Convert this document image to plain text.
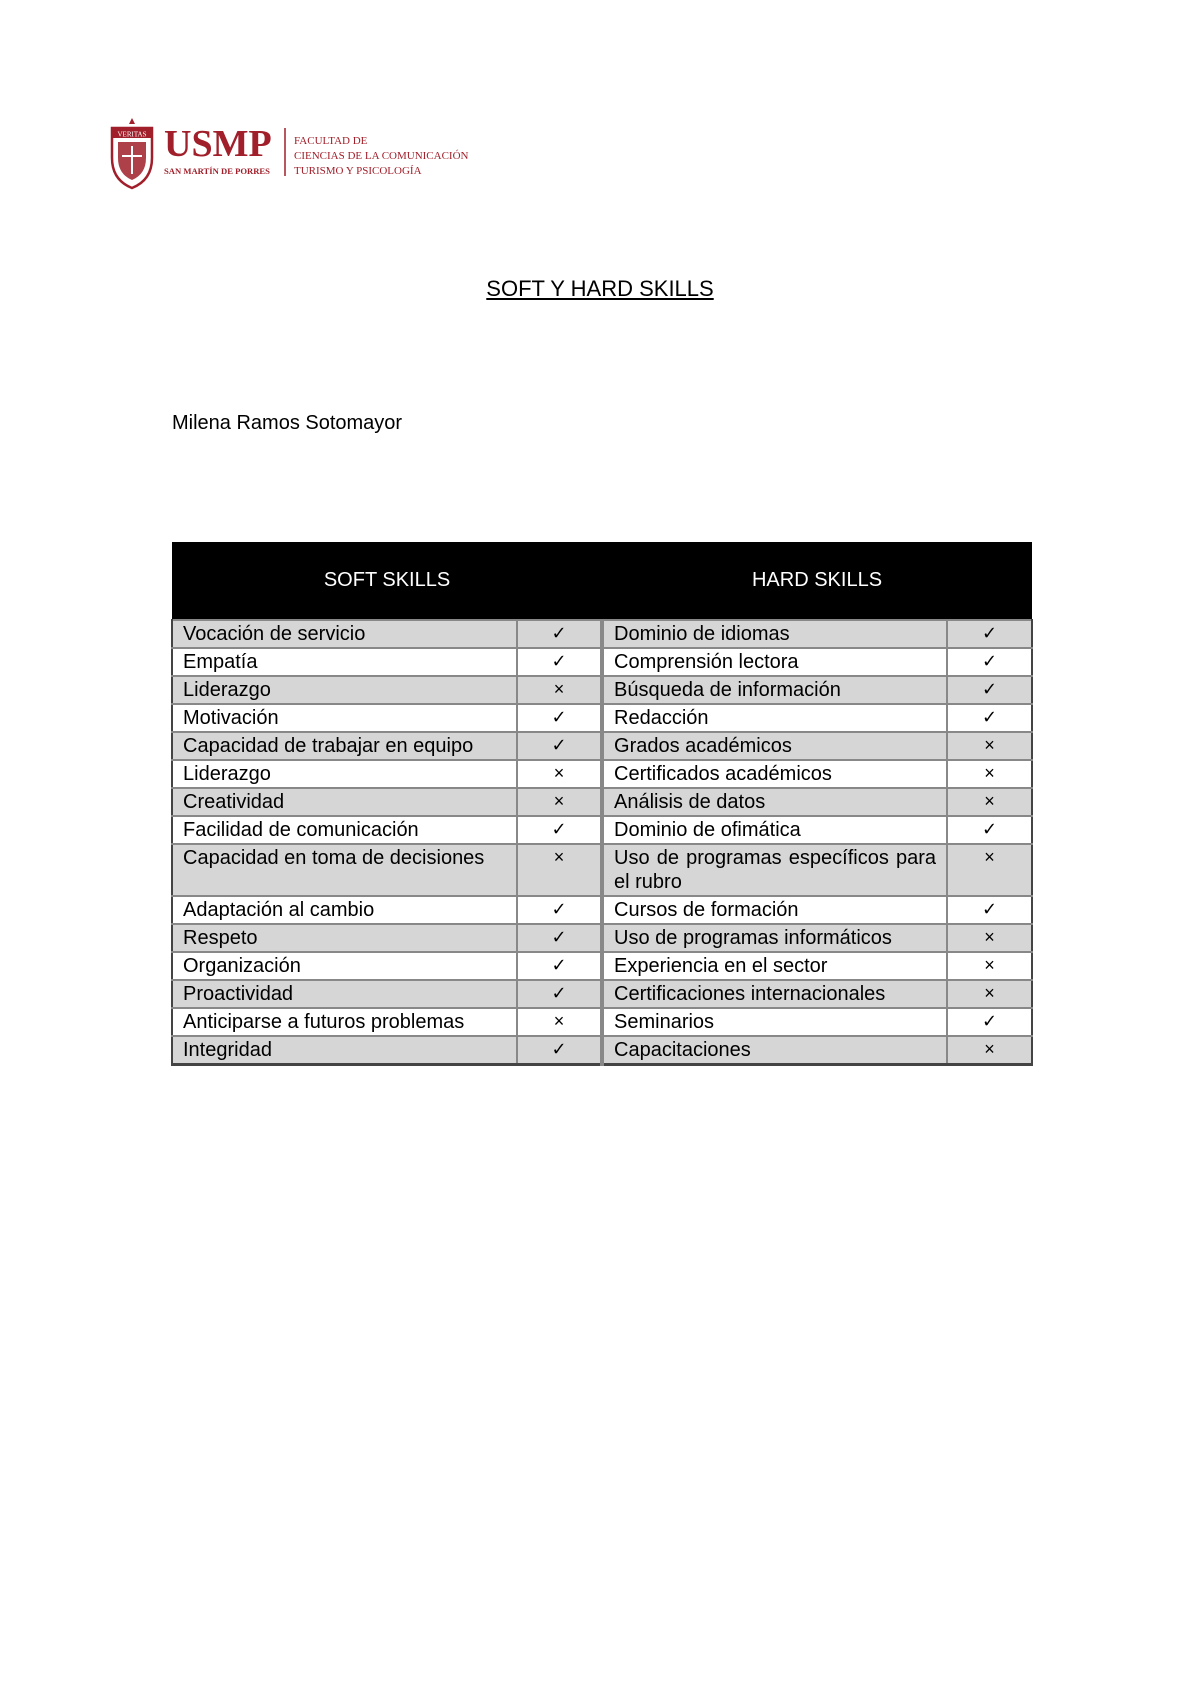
VERITAS USMP
SAN MARTÍN DE PORRES
FACULTAD DE
CIENCIAS DE LA COMUNICACIÓN
TURISMO Y PSICOLOGÍA
SOFT Y HARD SKILLS
Milena Ramos Sotomayor
SOFT SKILLS		HARD SKILLS	
Vocación de servicio	✓	Dominio de idiomas	✓
Empatía	✓	Comprensión lectora	✓
Liderazgo	×	Búsqueda de información	✓
Motivación	✓	Redacción	✓
Capacidad de trabajar en equipo	✓	Grados académicos	×
Liderazgo	×	Certificados académicos	×
Creatividad	×	Análisis de datos	×
Facilidad de comunicación	✓	Dominio de ofimática	✓
Capacidad en toma de decisiones	×	Uso de programas específicos para el rubro	×
Adaptación al cambio	✓	Cursos de formación	✓
Respeto	✓	Uso de programas informáticos	×
Organización	✓	Experiencia en el sector	×
Proactividad	✓	Certificaciones internacionales	×
Anticiparse a futuros problemas	×	Seminarios	✓
Integridad	✓	Capacitaciones	×
